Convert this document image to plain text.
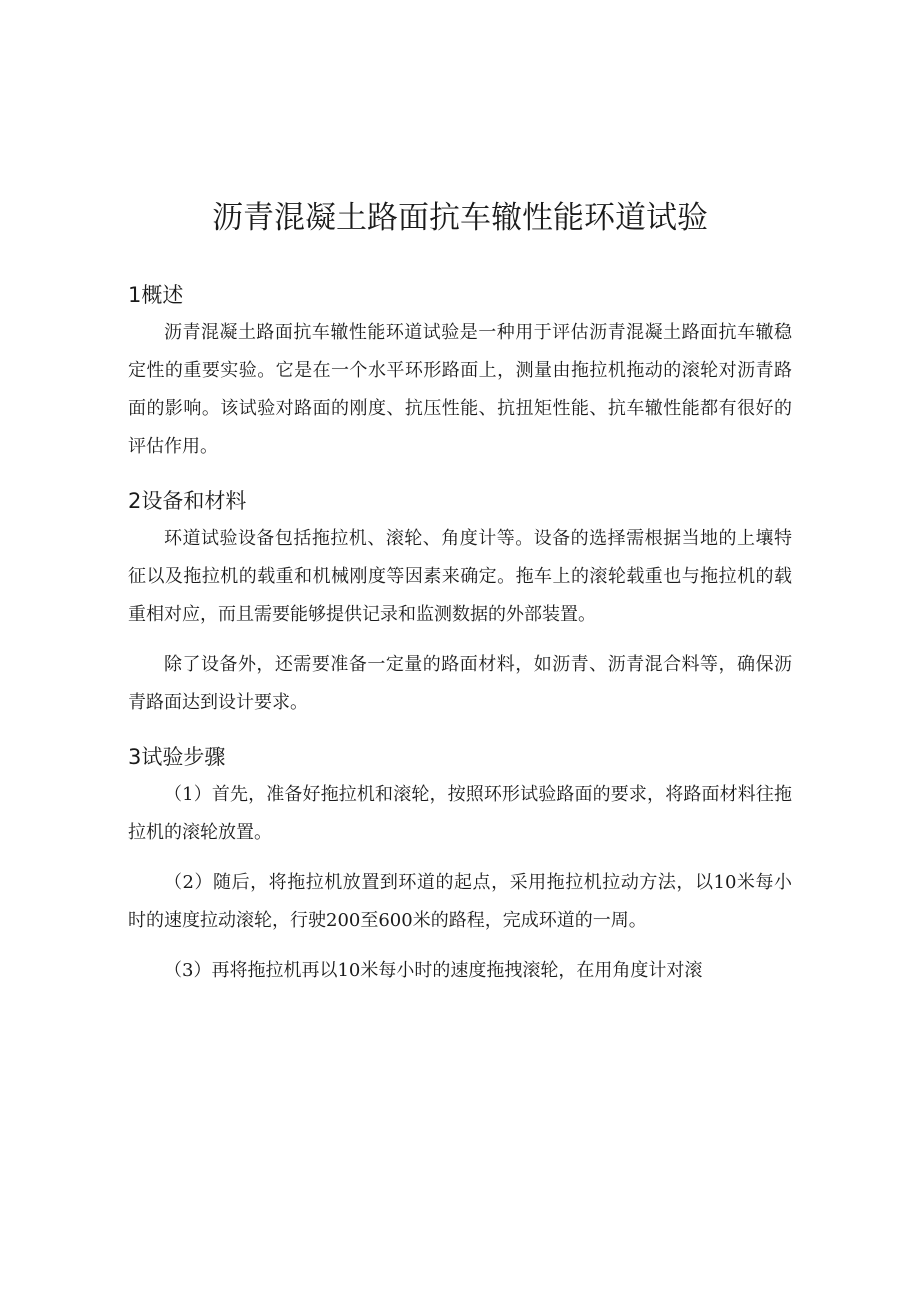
沥青混凝土路面抗车辙性能环道试验
1概述

沥青混凝土路面抗车辙性能环道试验是一种用于评估沥青混凝土路面抗车辙稳定性的重要实验。它是在一个水平环形路面上，测量由拖拉机拖动的滚轮对沥青路面的影响。该试验对路面的刚度、抗压性能、抗扭矩性能、抗车辙性能都有很好的评估作用。

2设备和材料

环道试验设备包括拖拉机、滚轮、角度计等。设备的选择需根据当地的上壤特征以及拖拉机的载重和机械刚度等因素来确定。拖车上的滚轮载重也与拖拉机的载重相对应，而且需要能够提供记录和监测数据的外部装置。

除了设备外，还需要准备一定量的路面材料，如沥青、沥青混合料等，确保沥青路面达到设计要求。

3试验步骤

（1）首先，准备好拖拉机和滚轮，按照环形试验路面的要求，将路面材料往拖拉机的滚轮放置。

（2）随后，将拖拉机放置到环道的起点，采用拖拉机拉动方法，以10米每小时的速度拉动滚轮，行驶200至600米的路程，完成环道的一周。

（3）再将拖拉机再以10米每小时的速度拖拽滚轮，在用角度计对滚
